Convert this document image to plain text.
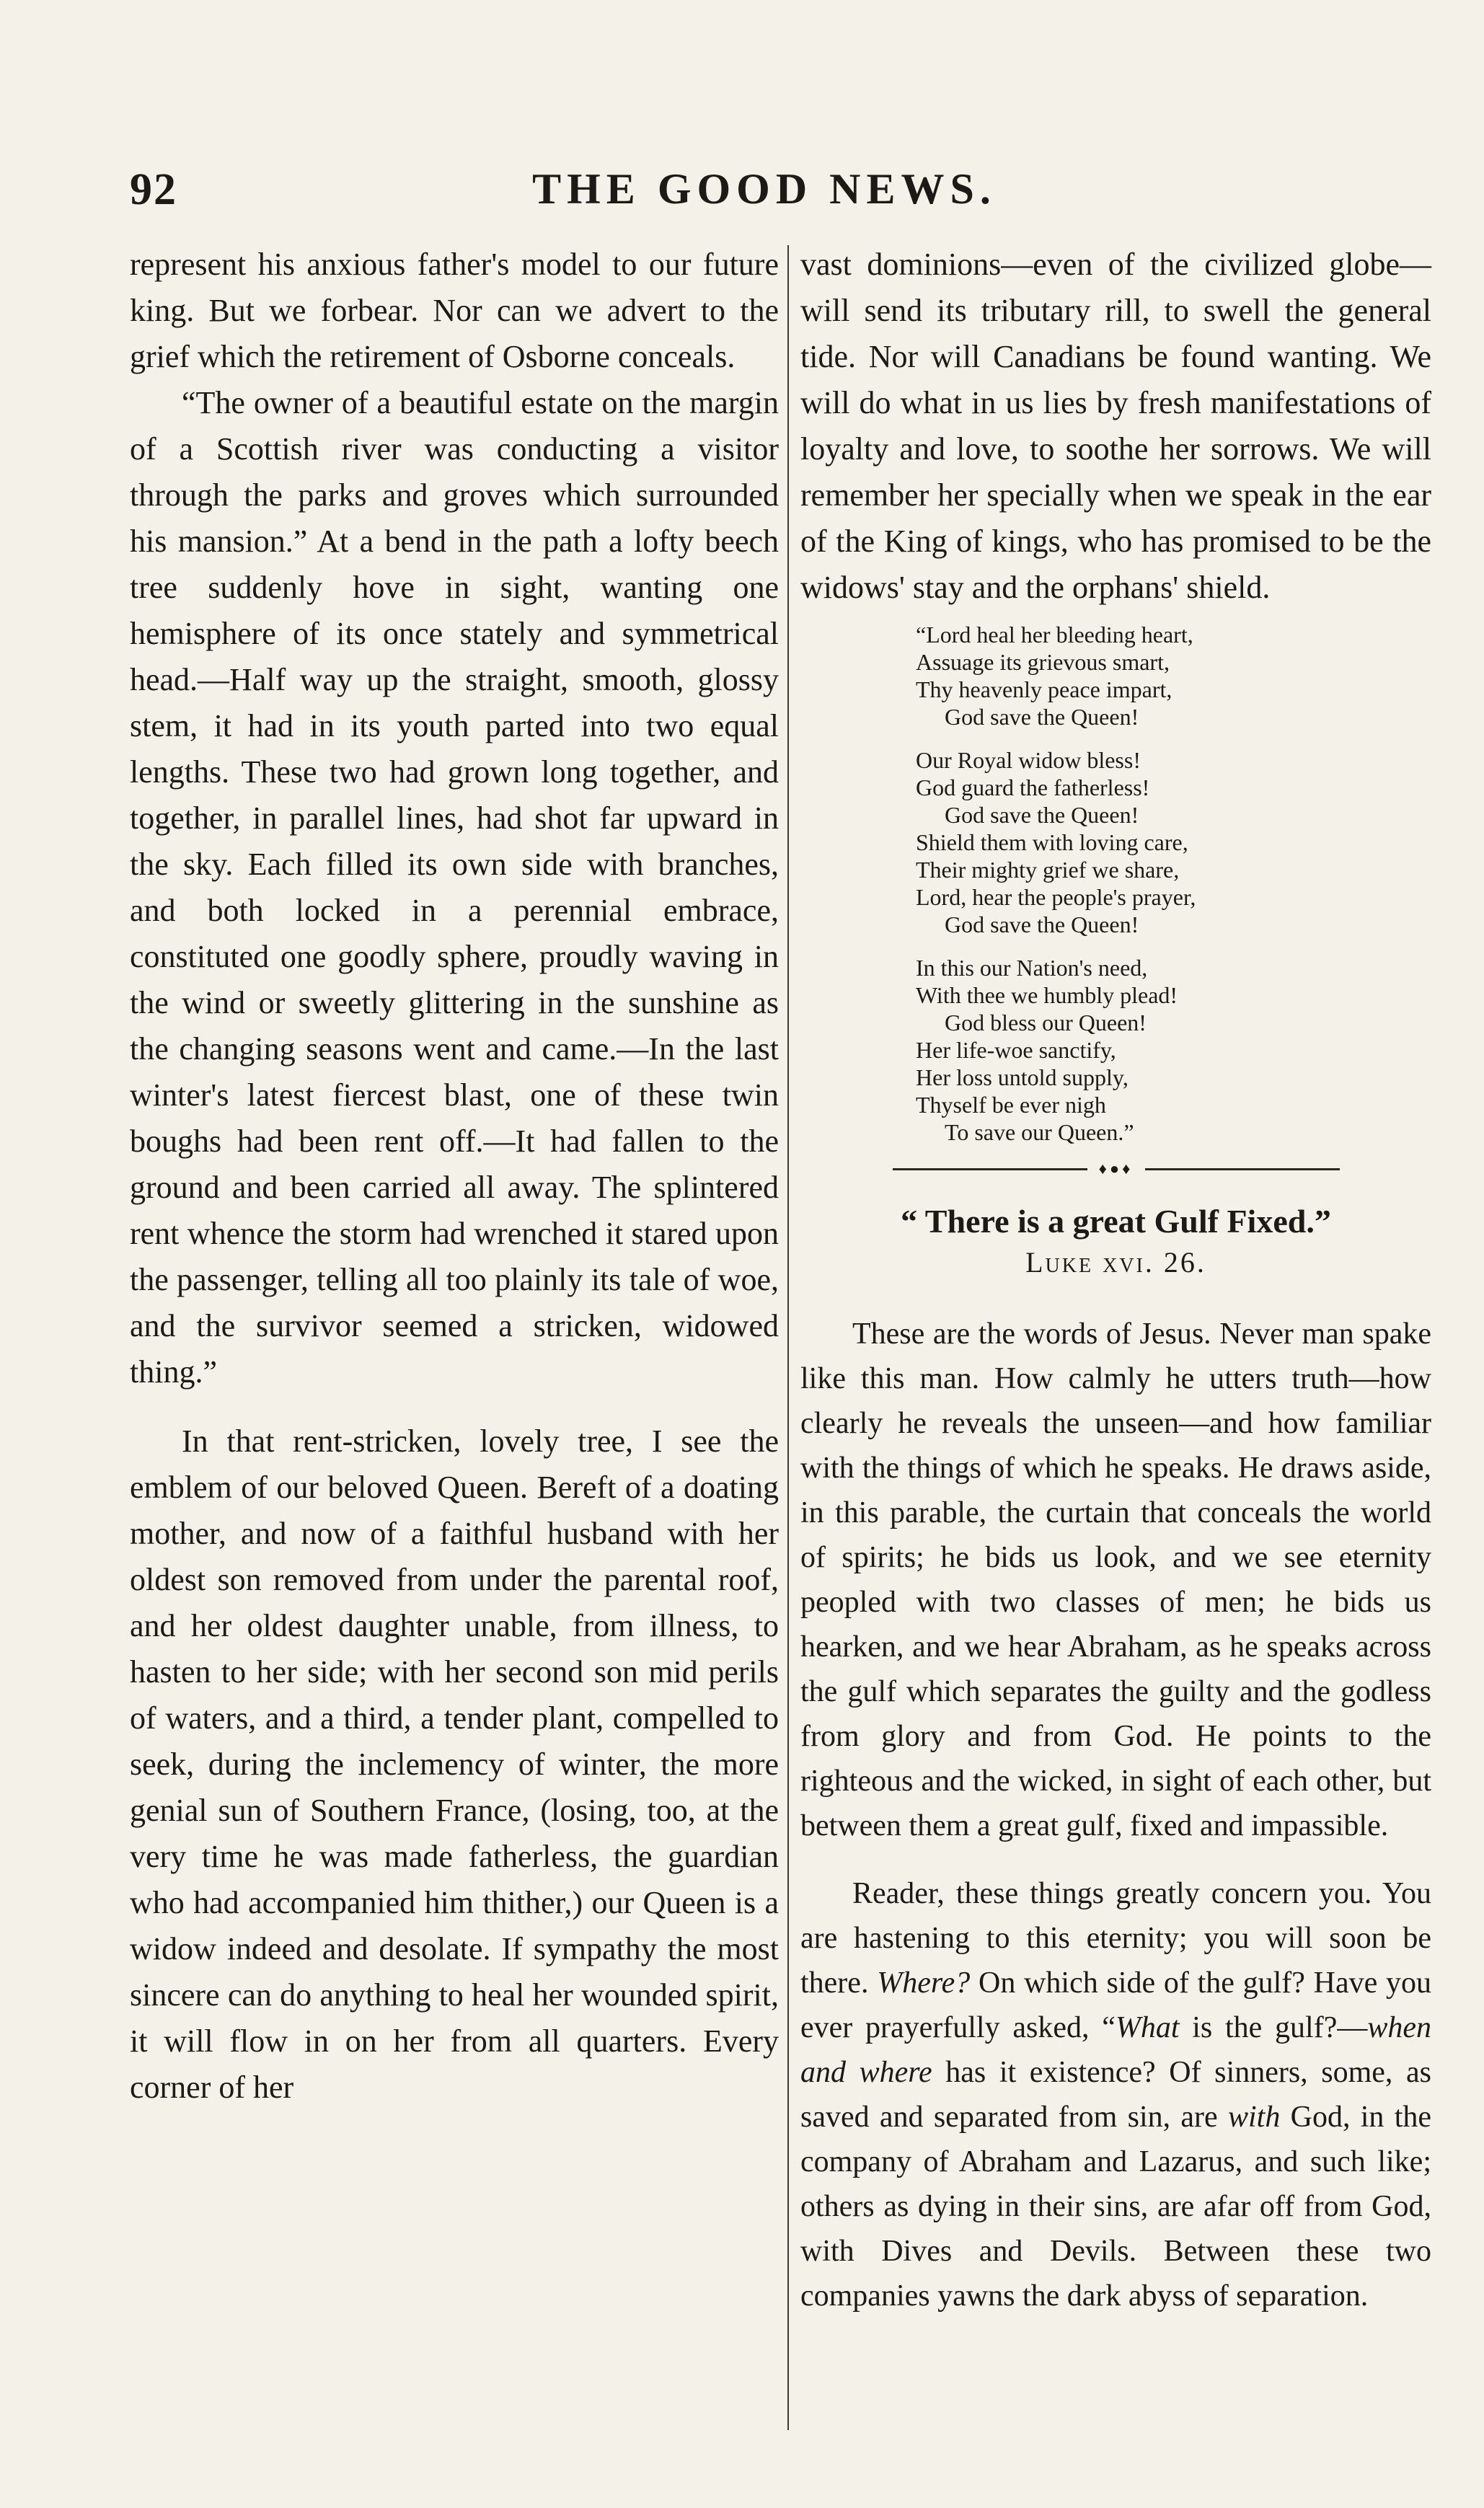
92	THE GOOD NEWS.

represent his anxious father's model to our future king. But we forbear. Nor can we advert to the grief which the retirement of Osborne conceals.

“The owner of a beautiful estate on the margin of a Scottish river was conducting a visitor through the parks and groves which surrounded his mansion.” At a bend in the path a lofty beech tree suddenly hove in sight, wanting one hemisphere of its once stately and symmetrical head.—Half way up the straight, smooth, glossy stem, it had in its youth parted into two equal lengths. These two had grown long together, and together, in parallel lines, had shot far upward in the sky. Each filled its own side with branches, and both locked in a perennial embrace, constituted one goodly sphere, proudly waving in the wind or sweetly glittering in the sunshine as the changing seasons went and came.—In the last winter's latest fiercest blast, one of these twin boughs had been rent off.—It had fallen to the ground and been carried all away. The splintered rent whence the storm had wrenched it stared upon the passenger, telling all too plainly its tale of woe, and the survivor seemed a stricken, widowed thing.”

In that rent-stricken, lovely tree, I see the emblem of our beloved Queen. Bereft of a doating mother, and now of a faithful husband with her oldest son removed from under the parental roof, and her oldest daughter unable, from illness, to hasten to her side; with her second son mid perils of waters, and a third, a tender plant, compelled to seek, during the inclemency of winter, the more genial sun of Southern France, (losing, too, at the very time he was made fatherless, the guardian who had accompanied him thither,) our Queen is a widow indeed and desolate. If sympathy the most sincere can do anything to heal her wounded spirit, it will flow in on her from all quarters. Every corner of her

vast dominions—even of the civilized globe—will send its tributary rill, to swell the general tide. Nor will Canadians be found wanting. We will do what in us lies by fresh manifestations of loyalty and love, to soothe her sorrows. We will remember her specially when we speak in the ear of the King of kings, who has promised to be the widows' stay and the orphans' shield.

“Lord heal her bleeding heart,
Assuage its grievous smart,
Thy heavenly peace impart,
God save the Queen!
Our Royal widow bless!
God guard the fatherless!
God save the Queen!
Shield them with loving care,
Their mighty grief we share,
Lord, hear the people's prayer,
God save the Queen!
In this our Nation's need,
With thee we humbly plead!
God bless our Queen!
Her life-woe sanctify,
Her loss untold supply,
Thyself be ever nigh
To save our Queen.”
♦●♦
“ There is a great Gulf Fixed.”
Luke xvi. 26.

These are the words of Jesus. Never man spake like this man. How calmly he utters truth—how clearly he reveals the unseen—and how familiar with the things of which he speaks. He draws aside, in this parable, the curtain that conceals the world of spirits; he bids us look, and we see eternity peopled with two classes of men; he bids us hearken, and we hear Abraham, as he speaks across the gulf which separates the guilty and the godless from glory and from God. He points to the righteous and the wicked, in sight of each other, but between them a great gulf, fixed and impassible.

Reader, these things greatly concern you. You are hastening to this eternity; you will soon be there. Where? On which side of the gulf? Have you ever prayerfully asked, “What is the gulf?—when and where has it existence? Of sinners, some, as saved and separated from sin, are with God, in the company of Abraham and Lazarus, and such like; others as dying in their sins, are afar off from God, with Dives and Devils. Between these two companies yawns the dark abyss of separation.
